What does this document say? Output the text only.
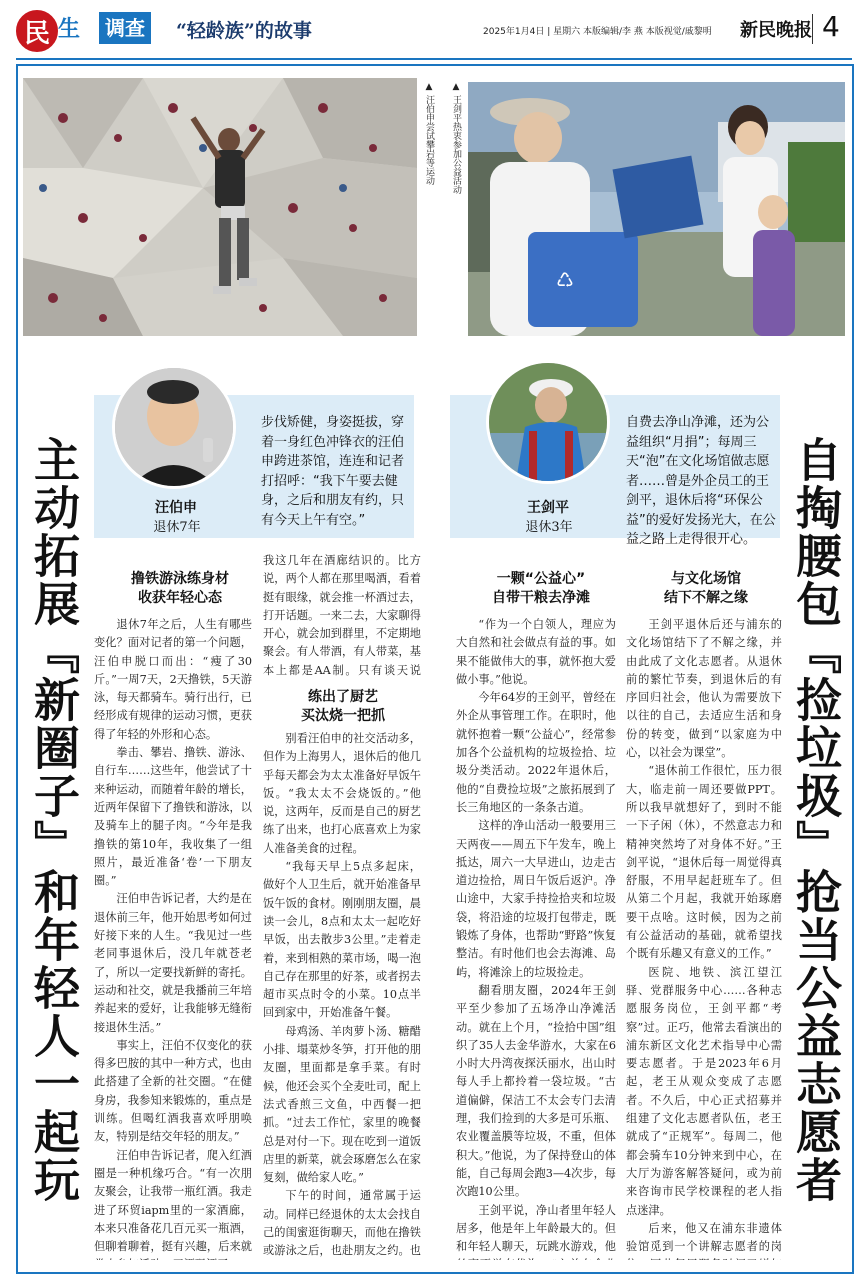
民 生	调查	“轻龄族”的故事	2025年1月4日 | 星期六 本版编辑/李 燕 本版视觉/戚黎明 新民晚报 4
▲ 汪伯申尝试攀岩等运动 ▲ 王剑平热衷参加公益活动
♺
汪伯申
退休7年
步伐矫健，身姿挺拔，穿着一身红色冲锋衣的汪伯申跨进茶馆，连连和记者打招呼：“我下午要去健身，之后和朋友有约，只有今天上午有空。”
王剑平
退休3年
自费去净山净滩，还为公益组织“月捐”；每周三天“泡”在文化场馆做志愿者……曾是外企员工的王剑平，退休后将“环保公益”的爱好发扬光大，在公益之路上走得很开心。
主动拓展『新圈子』和年轻人一起玩	自掏腰包『捡垃圾』抢当公益志愿者
撸铁游泳练身材
收获年轻心态

退休7年之后，人生有哪些变化？面对记者的第一个问题，汪伯申脱口而出：“瘦了30斤。”一周7天，2天撸铁，5天游泳，每天都骑车。骑行出行，已经形成有规律的运动习惯，更获得了年轻的外形和心态。

拳击、攀岩、撸铁、游泳、自行车……这些年，他尝试了十来种运动，而随着年龄的增长，近两年保留下了撸铁和游泳，以及骑车上的腿子肉。“今年是我撸铁的第10年，我收集了一组照片，最近准备‘卷’一下朋友圈。”

汪伯申告诉记者，大约是在退休前三年，他开始思考如何过好接下来的人生。“我见过一些老同事退休后，没几年就苍老了，所以一定要找新鲜的寄托。运动和社交，就是我播前三年培养起来的爱好，让我能够无缝衔接退休生活。”

事实上，汪伯不仅变化的获得多巴胺的其中一种方式，也由此搭建了全新的社交圈。“在健身房，我参知来锻炼的，重点是训练。但喝红酒我喜欢呼朋唤友，特别是结交年轻的朋友。”

汪伯申告诉记者，爬入红酒圈是一种机缘巧合。“有一次朋友聚会，让我带一瓶红酒。我走进了环贸iapm里的一家酒廊，本来只准备花几百元买一瓶酒，但聊着聊着，挺有兴趣，后来就

我这几年在酒廊结识的。比方说，两个人都在那里喝酒，看着挺有眼缘，就会推一杯酒过去，打开话题。一来二去，大家聊得开心，就会加到群里，不定期地聚会。有人带酒，有人带菜，基本上都是AA制。只有谈天说

练出了厨艺
买汰烧一把抓

别看汪伯申的社交活动多，但作为上海男人，退休后的他几乎每天都会为太太准备好早饭午饭。“我太太不会烧饭的。”他说，这两年，反而是自己的厨艺练了出来，也打心底喜欢上为家人准备美食的过程。

“我每天早上5点多起床，做好个人卫生后，就开始准备早饭午饭的食材。刚刚朋友圈，晨读一会儿，8点和太太一起吃好早饭，出去散步3公里。”走着走着，来到相熟的菜市场，喝一泡自己存在那里的好茶，或者拐去超市买点时令的小菜。10点半回到家中，开始准备午餐。

母鸡汤、羊肉萝卜汤、糖醋小排、塌菜炒冬笋，打开他的朋友圈，里面都是拿手菜。有时候，他还会买个全麦吐司，配上法式香煎三文鱼，中西餐一把抓。“过去工作忙，家里的晚餐总是对付一下。现在吃到一道饭店里的新菜，就会琢磨怎么在家复刻，做给家人吃。”

下午的时间，通常属于运动。同样已经退休的太太会找自己的闺蜜逛街聊天，而他在撸铁或游泳之后，也赴朋友之约。也

一颗“公益心”
自带干粮去净滩

“作为一个白领人，理应为大自然和社会做点有益的事。如果不能做伟大的事，就怀抱大爱做小事。”他说。

今年64岁的王剑平，曾经在外企从事管理工作。在职时，他就怀抱着一颗“公益心”，经常参加各个公益机构的垃圾捡拾、垃圾分类活动。2022年退休后，他的“自费捡垃圾”之旅拓展到了长三角地区的一条条古道。

这样的净山活动一般要用三天两夜——周五下午发车，晚上抵达，周六一大早进山，边走古道边捡拾，周日午饭后返沪。净山途中，大家手持捡拾夹和垃圾袋，将沿途的垃圾打包带走，既锻炼了身体，也帮助“野路”恢复整洁。有时他们也会去海滩、岛屿，将滩涂上的垃圾捡走。

翻看朋友圈，2024年王剑平至少参加了五场净山净滩活动。就在上个月，“捡拾中国”组织了35人去金华游水，大家在6小时大丹湾夜探沃丽水，出山时每人手上都拎着一袋垃圾。“古道偏僻，保洁工不太会专门去清理，我们捡到的大多是可乐瓶、农业覆盖膜等垃圾，不重，但体积大。”他说，为了保持登山的体能，自己每周会跑3—4次步，每次跑10公里。

王剑平说，净山者里年轻人居多，他是年上年龄最大的。但和年轻人聊天，玩跳水游戏，他

与文化场馆
结下不解之缘

王剑平退休后还与浦东的文化场馆结下了不解之缘，并由此成了文化志愿者。从退休前的繁忙节奏，到退休后的有序回归社会，他认为需要放下以往的自己，去适应生活和身份的转变，做到“以家庭为中心，以社会为课堂”。

“退休前工作很忙，压力很大，临走前一周还要做PPT。所以我早就想好了，到时不能一下子闲（休），不然意志力和精神突然垮了对身体不好。”王剑平说，“退休后每一周觉得真舒服，不用早起赶班车了。但从第二个月起，我就开始琢磨要干点啥。这时候，因为之前有公益活动的基础，就希望找个既有乐趣又有意义的工作。”

医院、地铁、滨江望江驿、党群服务中心……各种志愿服务岗位，王剑平都“考察”过。正巧，他常去看演出的浦东新区文化艺术指导中心需要志愿者。于是2023年6月起，老王从观众变成了志愿者。不久后，中心正式招募并组建了文化志愿者队伍，老王就成了“正规军”。每周二，他都会骑车10分钟来到中心，在大厅为游客解答疑问，或为前来咨询市民学校课程的老人指点迷津。

后来，他又在浦东非遗体验馆觅到一个讲解志愿者的岗
